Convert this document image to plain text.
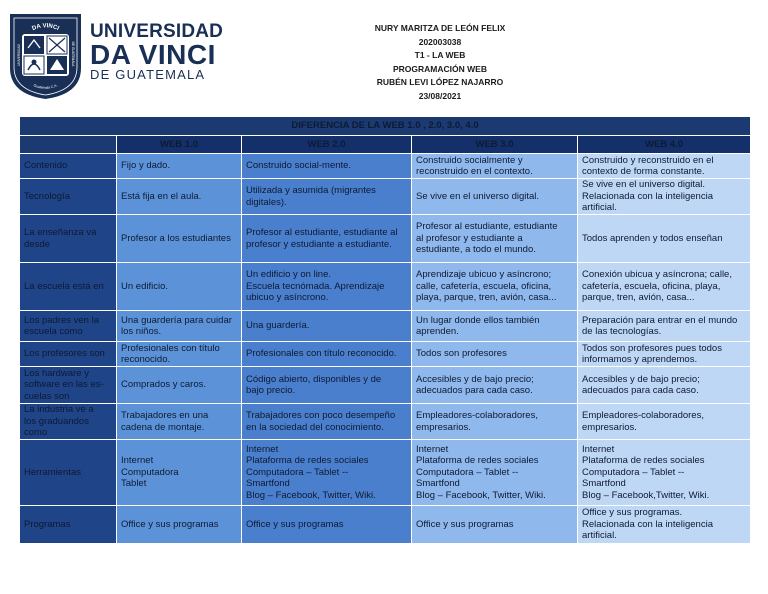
DA VINCI
DE GUATEMALA
UNIVERSIDAD
Guatemala C.A.
UNIVERSIDAD
DA VINCI
DE GUATEMALA
NURY MARITZA DE LEÓN FELIX
202003038
T1 - LA WEB
PROGRAMACIÓN WEB
RUBÉN LEVI LÓPEZ NAJARRO
23/08/2021
DIFERENCIA DE LA WEB 1.0 , 2.0, 3.0, 4.0				
	WEB 1.0	WEB 2.0	WEB 3.0	WEB 4.0

Contenido	Fijo y dado.	Construido social-mente.	Construido socialmente y
reconstruido en el contexto.	Construido y reconstruido en el
contexto de forma constante.

Tecnología	Está fija en el aula.	Utilizada y asumida (migrantes
digitales).	Se vive en el universo digital.	Se vive en el universo digital.
Relacionada con la inteligencia
artificial.

La enseñanza va
desde	Profesor a los estudiantes	Profesor al estudiante, estudiante al
profesor y estudiante a estudiante.	Profesor al estudiante, estudiante
al profesor y estudiante a
estudiante, a todo el mundo.	Todos aprenden y todos enseñan

La escuela está en	Un edificio.	Un edificio y on line.
Escuela tecnómada. Aprendizaje
ubicuo y asíncrono.	Aprendizaje ubicuo y asíncrono;
calle, cafetería, escuela, oficina,
playa, parque, tren, avión, casa...	Conexión ubicua y asíncrona; calle,
cafetería, escuela, oficina, playa,
parque, tren, avión, casa...

Los padres ven la
escuela como	Una guardería para cuidar
los niños.	Una guardería.	Un lugar donde ellos también
aprenden.	Preparación para entrar en el mundo
de las tecnologías.

Los profesores son	Profesionales con título
reconocido.	Profesionales con título reconocido.	Todos son profesores	Todos son profesores pues todos
informamos y aprendemos.

Los hardware y
software en las es-
cuelas son	Comprados y caros.	Código abierto, disponibles y de
bajo precio.	Accesibles y de bajo precio;
adecuados para cada caso.	Accesibles y de bajo precio;
adecuados para cada caso.

La industria ve a
los graduandos
como	Trabajadores en una
cadena de montaje.	Trabajadores con poco desempeño
en la sociedad del conocimiento.	Empleadores-colaboradores,
empresarios.	Empleadores-colaboradores,
empresarios.

Herramientas	Internet
Computadora
Tablet	Internet
Plataforma de redes sociales
Computadora – Tablet --
Smartfond
Blog – Facebook, Twitter, Wiki.	Internet
Plataforma de redes sociales
Computadora – Tablet --
Smartfond
Blog – Facebook, Twitter, Wiki.	Internet
Plataforma de redes sociales
Computadora – Tablet --
Smartfond
Blog – Facebook,Twitter, Wiki.

Programas	Office y sus programas	Office y sus programas	Office y sus programas	Office y sus programas.
Relacionada con la inteligencia
artificial.
